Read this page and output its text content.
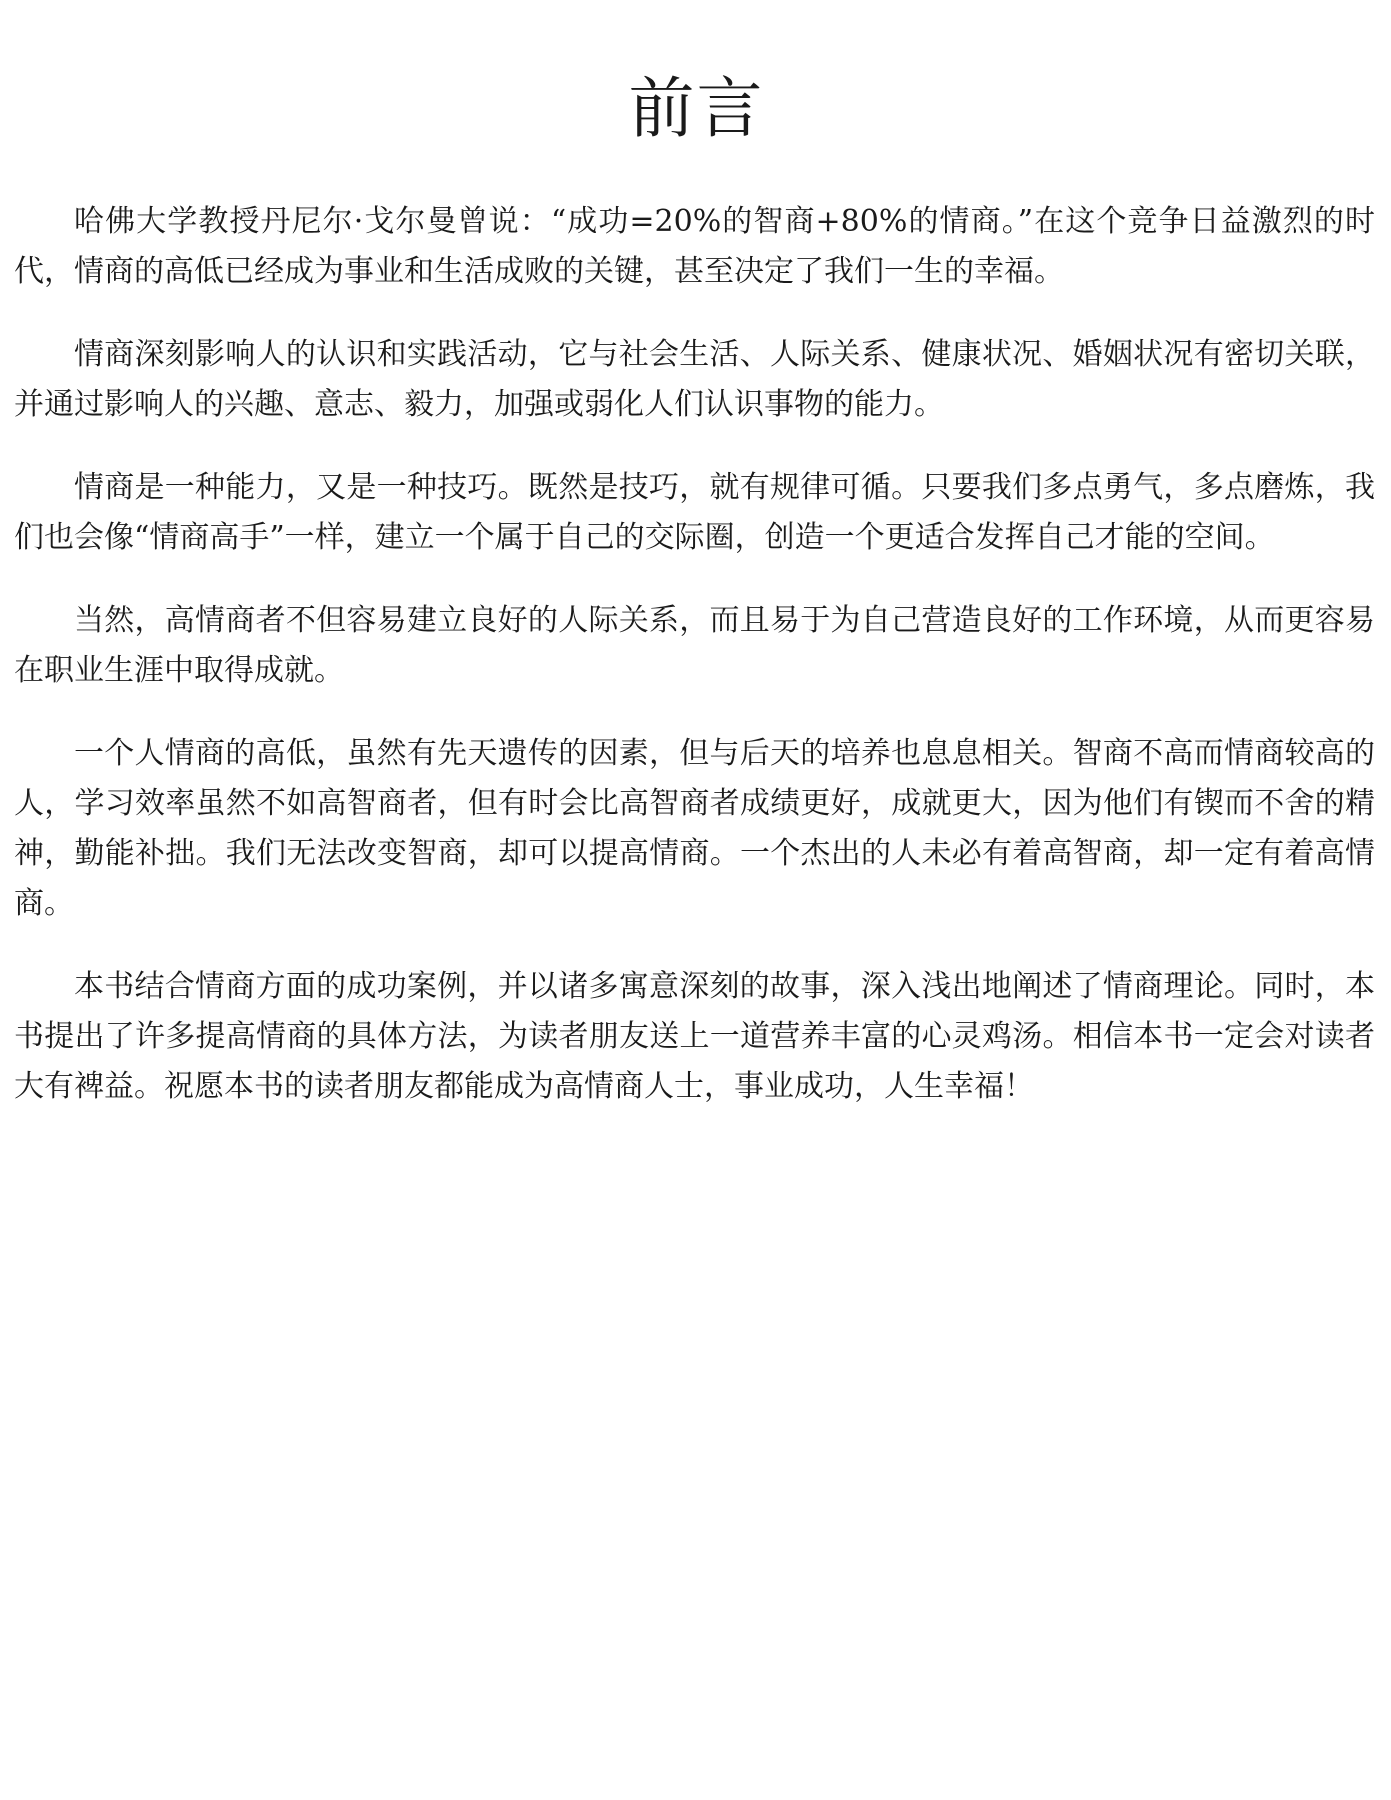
前言

哈佛大学教授丹尼尔·戈尔曼曾说：“成功=20%的智商+80%的情商。”在这个竞争日益激烈的时代，情商的高低已经成为事业和生活成败的关键，甚至决定了我们一生的幸福。

情商深刻影响人的认识和实践活动，它与社会生活、人际关系、健康状况、婚姻状况有密切关联，并通过影响人的兴趣、意志、毅力，加强或弱化人们认识事物的能力。

情商是一种能力，又是一种技巧。既然是技巧，就有规律可循。只要我们多点勇气，多点磨炼，我们也会像“情商高手”一样，建立一个属于自己的交际圈，创造一个更适合发挥自己才能的空间。

当然，高情商者不但容易建立良好的人际关系，而且易于为自己营造良好的工作环境，从而更容易在职业生涯中取得成就。

一个人情商的高低，虽然有先天遗传的因素，但与后天的培养也息息相关。智商不高而情商较高的人，学习效率虽然不如高智商者，但有时会比高智商者成绩更好，成就更大，因为他们有锲而不舍的精神，勤能补拙。我们无法改变智商，却可以提高情商。一个杰出的人未必有着高智商，却一定有着高情商。

本书结合情商方面的成功案例，并以诸多寓意深刻的故事，深入浅出地阐述了情商理论。同时，本书提出了许多提高情商的具体方法，为读者朋友送上一道营养丰富的心灵鸡汤。相信本书一定会对读者大有裨益。祝愿本书的读者朋友都能成为高情商人士，事业成功，人生幸福！
